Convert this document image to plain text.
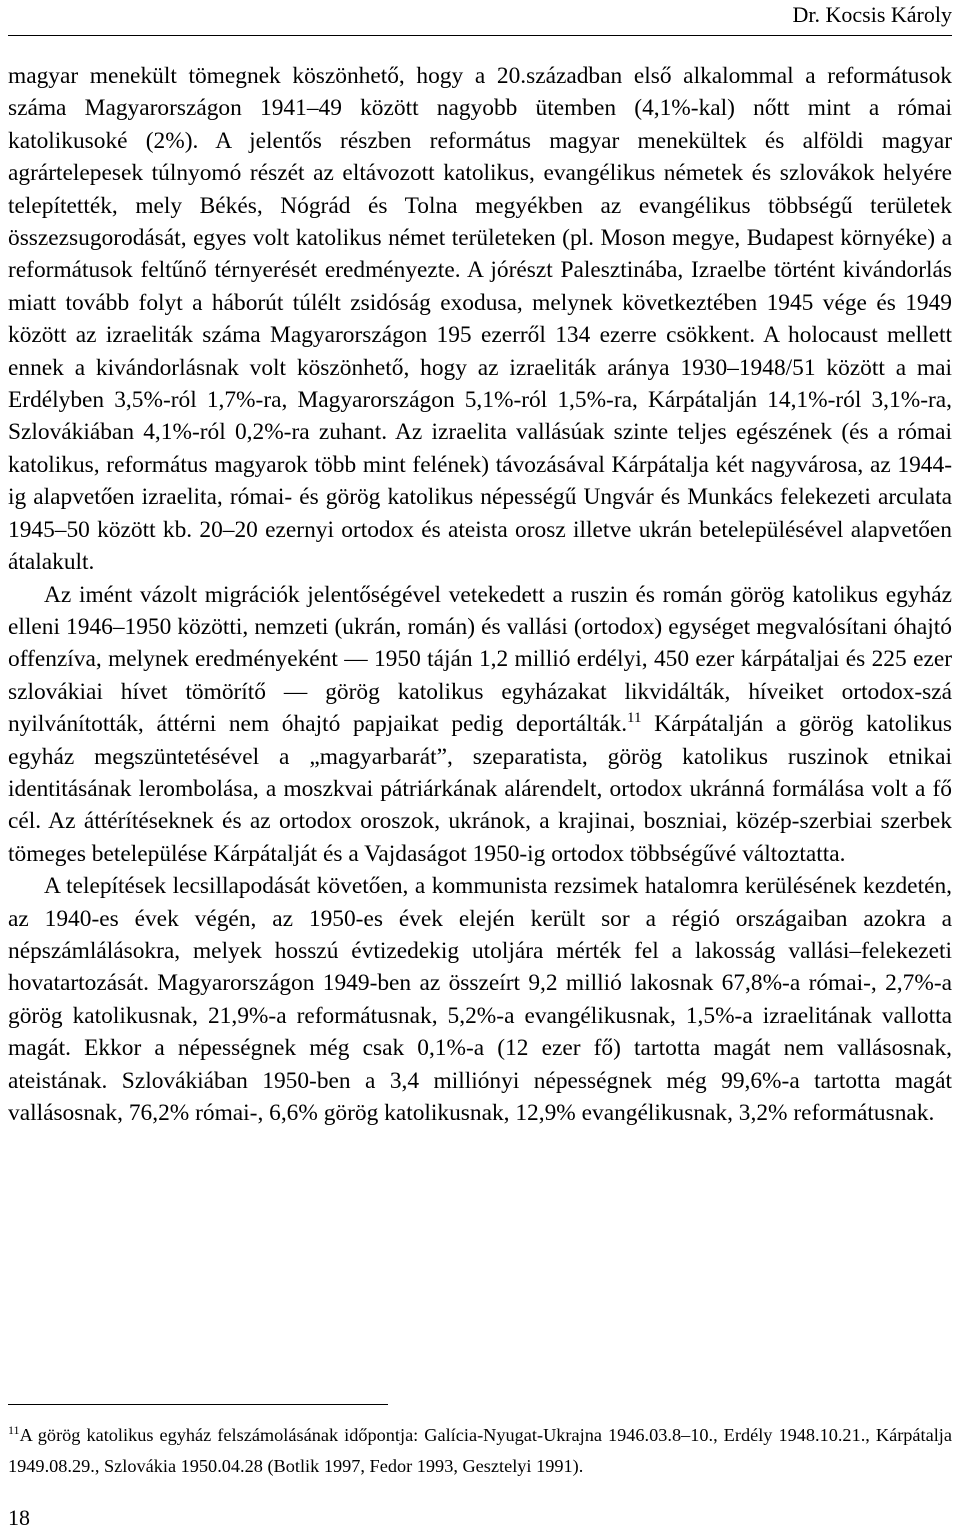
Dr. Kocsis Károly

magyar menekült tömegnek köszönhető, hogy a 20.században első alkalommal a reformátusok száma Magyarországon 1941–49 között nagyobb ütemben (4,1%-kal) nőtt mint a római katolikusoké (2%). A jelentős részben református magyar menekültek és alföldi magyar agrártelepesek túlnyomó részét az eltávozott katolikus, evangélikus németek és szlovákok helyére telepítették, mely Békés, Nógrád és Tolna megyékben az evangélikus többségű területek összezsugorodását, egyes volt katolikus német területeken (pl. Moson megye, Budapest környéke) a reformátusok feltűnő térnyerését eredményezte. A jórészt Palesztinába, Izraelbe történt kivándorlás miatt tovább folyt a háborút túlélt zsidóság exodusa, melynek következtében 1945 vége és 1949 között az izraeliták száma Magyarországon 195 ezerről 134 ezerre csökkent. A holocaust mellett ennek a kivándorlásnak volt köszönhető, hogy az izraeliták aránya 1930–1948/51 között a mai Erdélyben 3,5%-ról 1,7%-ra, Magyarországon 5,1%-ról 1,5%-ra, Kárpátalján 14,1%-ról 3,1%-ra, Szlovákiában 4,1%-ról 0,2%-ra zuhant. Az izraelita vallásúak szinte teljes egészének (és a római katolikus, református magyarok több mint felének) távozásával Kárpátalja két nagyvárosa, az 1944-ig alapvetően izraelita, római- és görög katolikus népességű Ungvár és Munkács felekezeti arculata 1945–50 között kb. 20–20 ezernyi ortodox és ateista orosz illetve ukrán betelepülésével alapvetően átalakult.

Az imént vázolt migrációk jelentőségével vetekedett a ruszin és román görög katolikus egyház elleni 1946–1950 közötti, nemzeti (ukrán, román) és vallási (ortodox) egységet megvalósítani óhajtó offenzíva, melynek eredményeként — 1950 táján 1,2 millió erdélyi, 450 ezer kárpátaljai és 225 ezer szlovákiai hívet tömörítő — görög katolikus egyházakat likvidálták, híveiket ortodox-szá nyilvánították, áttérni nem óhajtó papjaikat pedig deportálták.$^{11}$ Kárpátalján a görög katolikus egyház megszüntetésével a „magyarbarát”, szeparatista, görög katolikus ruszinok etnikai identitásának lerombolása, a moszkvai pátriárkának alárendelt, ortodox ukránná formálása volt a fő cél. Az áttérítéseknek és az ortodox oroszok, ukránok, a krajinai, boszniai, közép-szerbiai szerbek tömeges betelepülése Kárpátalját és a Vajdaságot 1950-ig ortodox többségűvé változtatta.

A telepítések lecsillapodását követően, a kommunista rezsimek hatalomra kerülésének kezdetén, az 1940-es évek végén, az 1950-es évek elején került sor a régió országaiban azokra a népszámlálásokra, melyek hosszú évtizedekig utoljára mérték fel a lakosság vallási–felekezeti hovatartozását. Magyarországon 1949-ben az összeírt 9,2 millió lakosnak 67,8%-a római-, 2,7%-a görög katolikusnak, 21,9%-a reformátusnak, 5,2%-a evangélikusnak, 1,5%-a izraelitának vallotta magát. Ekkor a népességnek még csak 0,1%-a (12 ezer fő) tartotta magát nem vallásosnak, ateistának. Szlovákiában 1950-ben a 3,4 milliónyi népességnek még 99,6%-a tartotta magát vallásosnak, 76,2% római-, 6,6% görög katolikusnak, 12,9% evangélikusnak, 3,2% reformátusnak.

$^{11}$A görög katolikus egyház felszámolásának időpontja: Galícia-Nyugat-Ukrajna 1946.03.8–10., Erdély 1948.10.21., Kárpátalja 1949.08.29., Szlovákia 1950.04.28 (Botlik 1997, Fedor 1993, Gesztelyi 1991).
18
